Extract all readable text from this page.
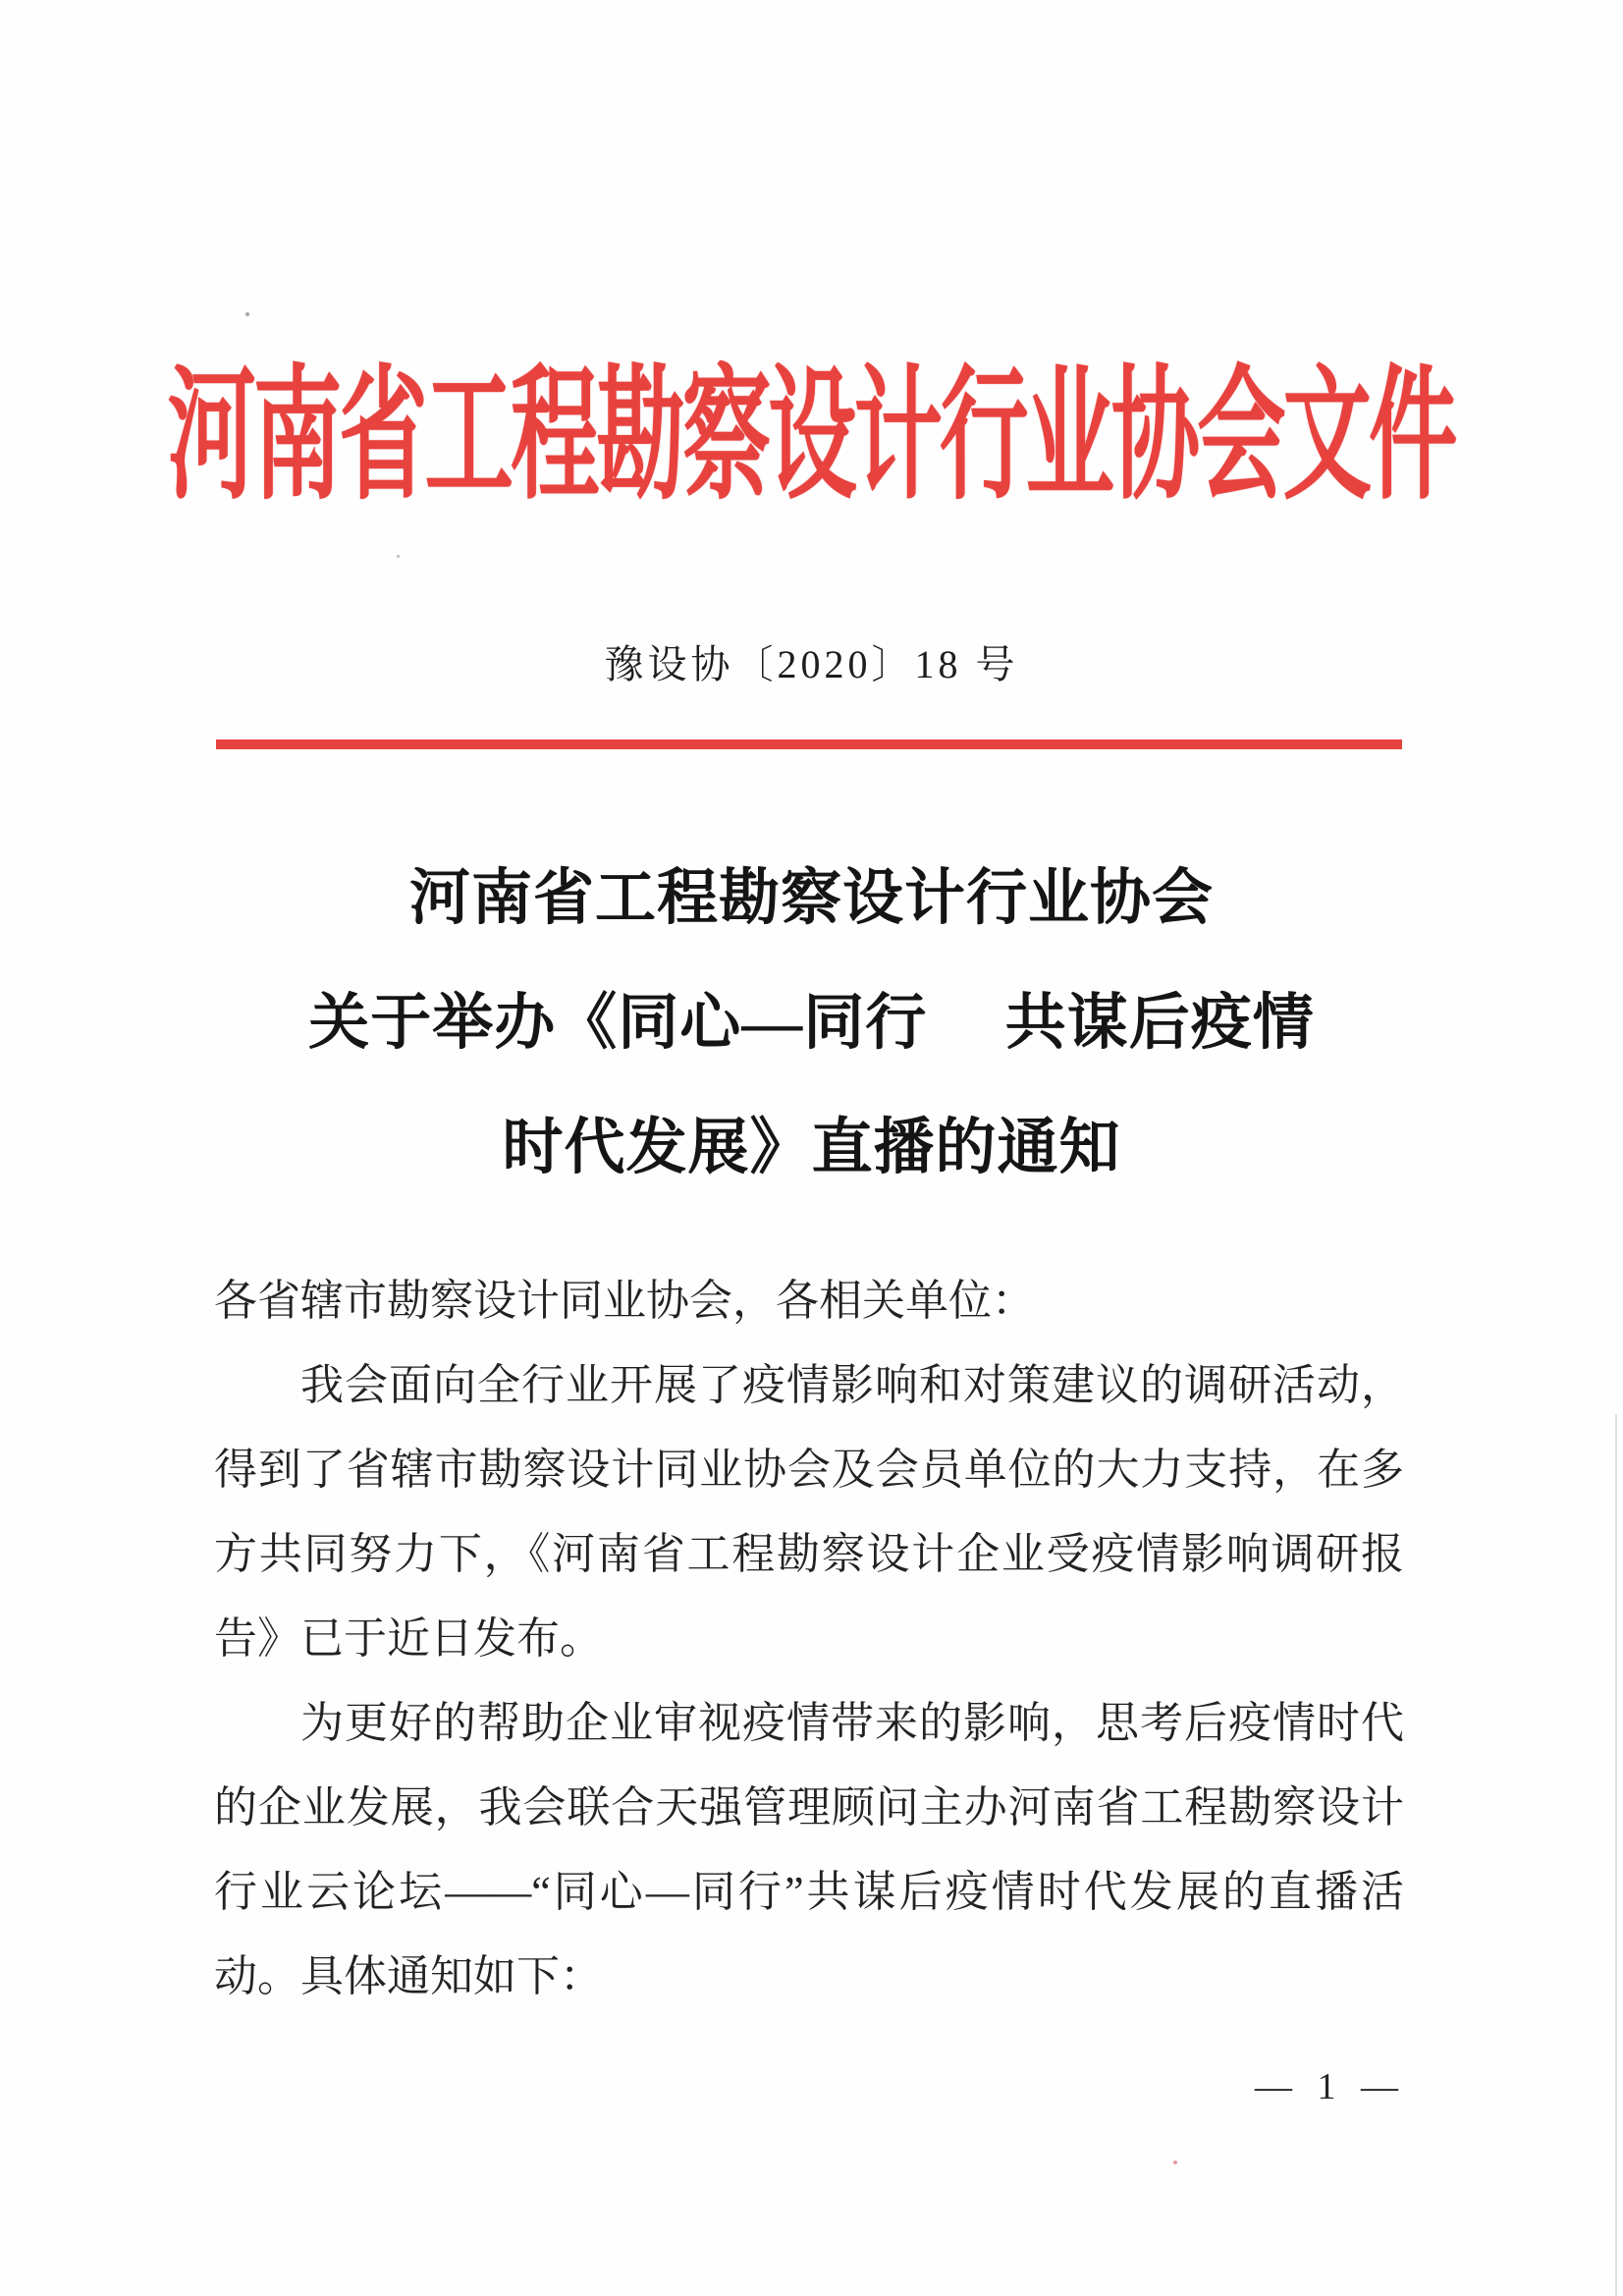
河南省工程勘察设计行业协会文件
豫设协〔2020〕18 号
河南省工程勘察设计行业协会
关于举办《同心—同行　 共谋后疫情
时代发展》直播的通知
各省辖市勘察设计同业协会，各相关单位：
我会面向全行业开展了疫情影响和对策建议的调研活动，
得到了省辖市勘察设计同业协会及会员单位的大力支持，在多
方共同努力下，《河南省工程勘察设计企业受疫情影响调研报
告》已于近日发布。
为更好的帮助企业审视疫情带来的影响，思考后疫情时代
的企业发展，我会联合天强管理顾问主办河南省工程勘察设计
行业云论坛——“同心—同行”共谋后疫情时代发展的直播活
动。具体通知如下：
— 1 —
